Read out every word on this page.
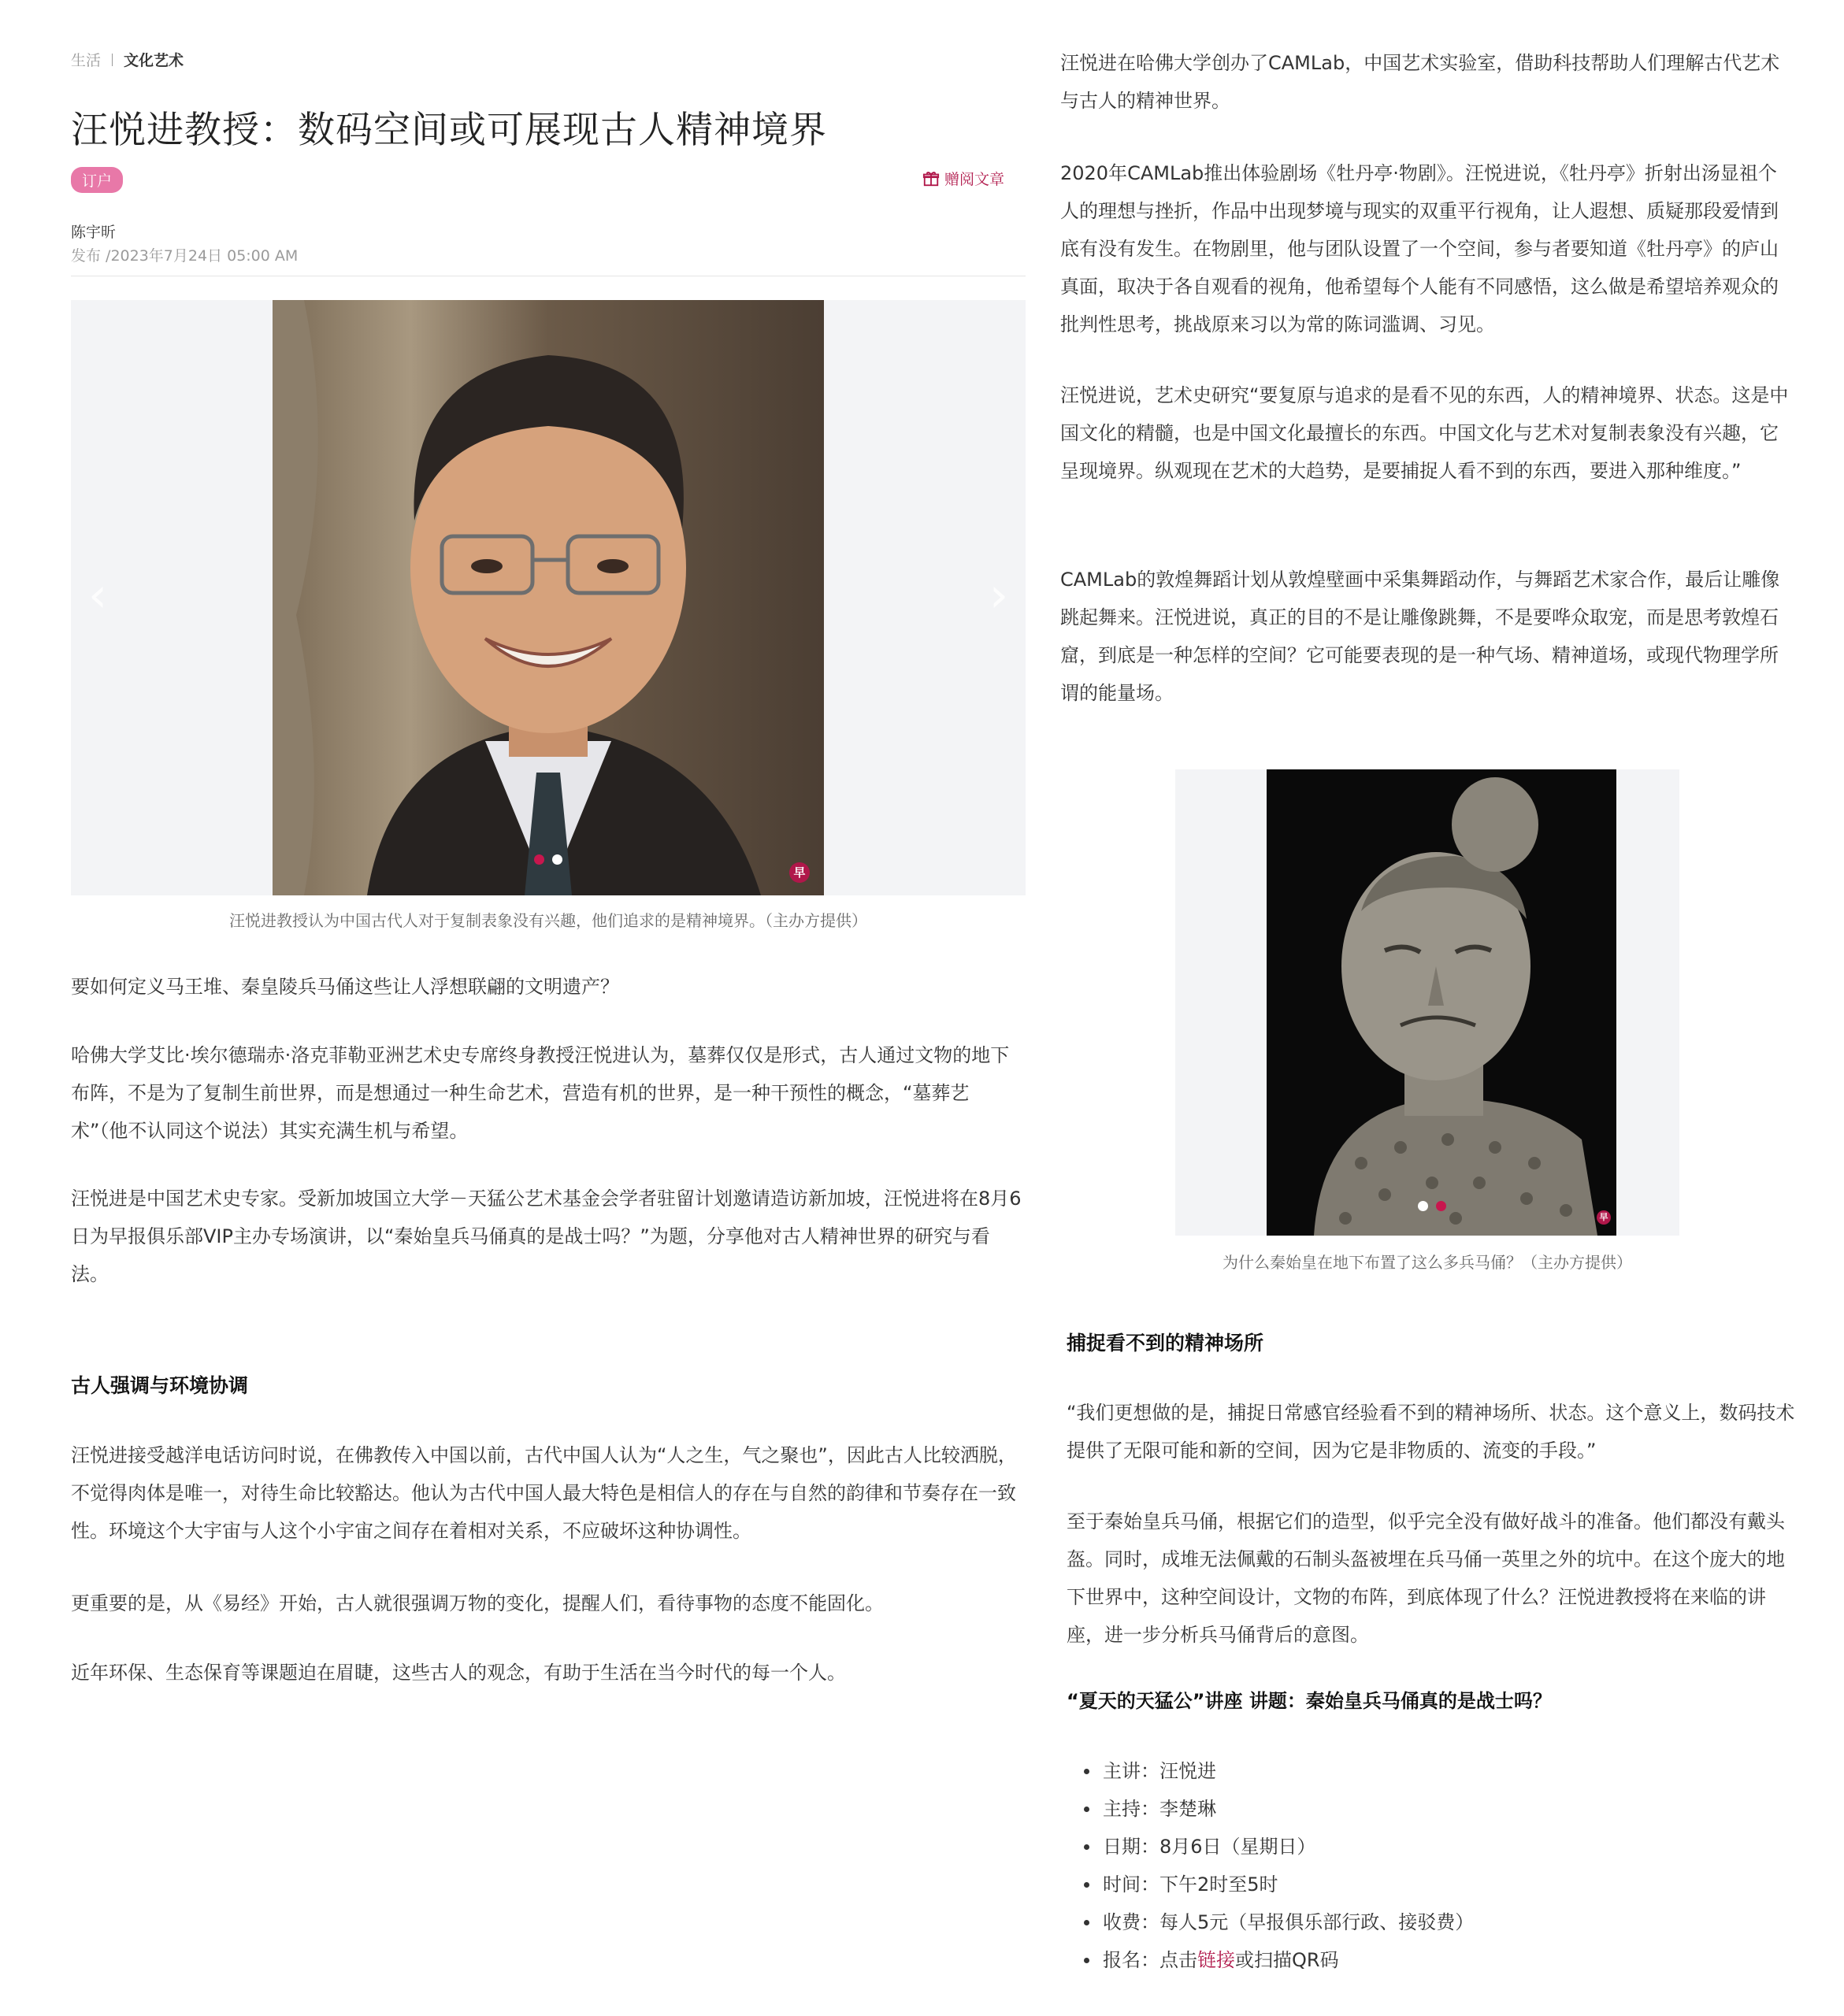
生活 文化艺术
汪悦进教授：数码空间或可展现古人精神境界
订户	赠阅文章
陈宇昕
发布 /2023年7月24日 05:00 AM
‹	›
早
汪悦进教授认为中国古代人对于复制表象没有兴趣，他们追求的是精神境界。（主办方提供）

要如何定义马王堆、秦皇陵兵马俑这些让人浮想联翩的文明遗产？

哈佛大学艾比·埃尔德瑞赤·洛克菲勒亚洲艺术史专席终身教授汪悦进认为，墓葬仅仅是形式，古人通过文物的地下布阵，不是为了复制生前世界，而是想通过一种生命艺术，营造有机的世界，是一种干预性的概念，“墓葬艺术”（他不认同这个说法）其实充满生机与希望。

汪悦进是中国艺术史专家。受新加坡国立大学－天猛公艺术基金会学者驻留计划邀请造访新加坡，汪悦进将在8月6日为早报俱乐部VIP主办专场演讲，以“秦始皇兵马俑真的是战士吗？”为题，分享他对古人精神世界的研究与看法。

古人强调与环境协调

汪悦进接受越洋电话访问时说，在佛教传入中国以前，古代中国人认为“人之生，气之聚也”，因此古人比较洒脱，不觉得肉体是唯一，对待生命比较豁达。他认为古代中国人最大特色是相信人的存在与自然的韵律和节奏存在一致性。环境这个大宇宙与人这个小宇宙之间存在着相对关系，不应破坏这种协调性。

更重要的是，从《易经》开始，古人就很强调万物的变化，提醒人们，看待事物的态度不能固化。

近年环保、生态保育等课题迫在眉睫，这些古人的观念，有助于生活在当今时代的每一个人。

汪悦进在哈佛大学创办了CAMLab，中国艺术实验室，借助科技帮助人们理解古代艺术与古人的精神世界。

2020年CAMLab推出体验剧场《牡丹亭·物剧》。汪悦进说，《牡丹亭》折射出汤显祖个人的理想与挫折，作品中出现梦境与现实的双重平行视角，让人遐想、质疑那段爱情到底有没有发生。在物剧里，他与团队设置了一个空间，参与者要知道《牡丹亭》的庐山真面，取决于各自观看的视角，他希望每个人能有不同感悟，这么做是希望培养观众的批判性思考，挑战原来习以为常的陈词滥调、习见。

汪悦进说，艺术史研究“要复原与追求的是看不见的东西，人的精神境界、状态。这是中国文化的精髓，也是中国文化最擅长的东西。中国文化与艺术对复制表象没有兴趣，它呈现境界。纵观现在艺术的大趋势，是要捕捉人看不到的东西，要进入那种维度。”

CAMLab的敦煌舞蹈计划从敦煌壁画中采集舞蹈动作，与舞蹈艺术家合作，最后让雕像跳起舞来。汪悦进说，真正的目的不是让雕像跳舞，不是要哗众取宠，而是思考敦煌石窟，到底是一种怎样的空间？它可能要表现的是一种气场、精神道场，或现代物理学所谓的能量场。

早
为什么秦始皇在地下布置了这么多兵马俑？（主办方提供）
捕捉看不到的精神场所

“我们更想做的是，捕捉日常感官经验看不到的精神场所、状态。这个意义上，数码技术提供了无限可能和新的空间，因为它是非物质的、流变的手段。”

至于秦始皇兵马俑，根据它们的造型，似乎完全没有做好战斗的准备。他们都没有戴头盔。同时，成堆无法佩戴的石制头盔被埋在兵马俑一英里之外的坑中。在这个庞大的地下世界中，这种空间设计，文物的布阵，到底体现了什么？汪悦进教授将在来临的讲座，进一步分析兵马俑背后的意图。

“夏天的天猛公”讲座 讲题：秦始皇兵马俑真的是战士吗？

主讲：汪悦进
主持：李楚琳
日期：8月6日（星期日）
时间：下午2时至5时
收费：每人5元（早报俱乐部行政、接驳费）
报名：点击链接或扫描QR码
